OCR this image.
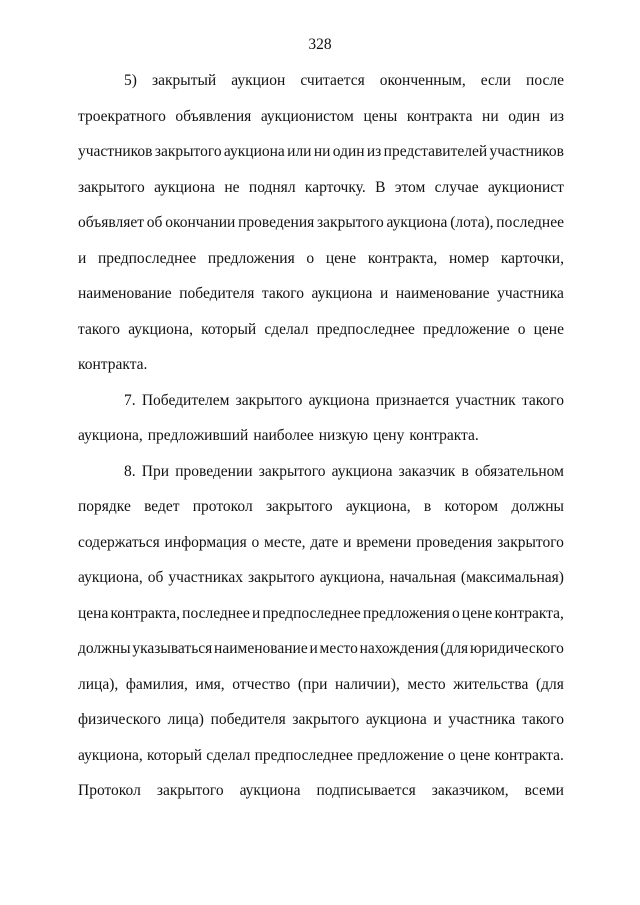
328
5) закрытый аукцион считается оконченным, если после
троекратного объявления аукционистом цены контракта ни один из
участников закрытого аукциона или ни один из представителей участников
закрытого аукциона не поднял карточку. В этом случае аукционист
объявляет об окончании проведения закрытого аукциона (лота), последнее
и предпоследнее предложения о цене контракта, номер карточки,
наименование победителя такого аукциона и наименование участника
такого аукциона, который сделал предпоследнее предложение о цене
контракта.
7. Победителем закрытого аукциона признается участник такого
аукциона, предложивший наиболее низкую цену контракта.
8. При проведении закрытого аукциона заказчик в обязательном
порядке ведет протокол закрытого аукциона, в котором должны
содержаться информация о месте, дате и времени проведения закрытого
аукциона, об участниках закрытого аукциона, начальная (максимальная)
цена контракта, последнее и предпоследнее предложения о цене контракта,
должны указываться наименование и место нахождения (для юридического
лица), фамилия, имя, отчество (при наличии), место жительства (для
физического лица) победителя закрытого аукциона и участника такого
аукциона, который сделал предпоследнее предложение о цене контракта.
Протокол закрытого аукциона подписывается заказчиком, всеми
